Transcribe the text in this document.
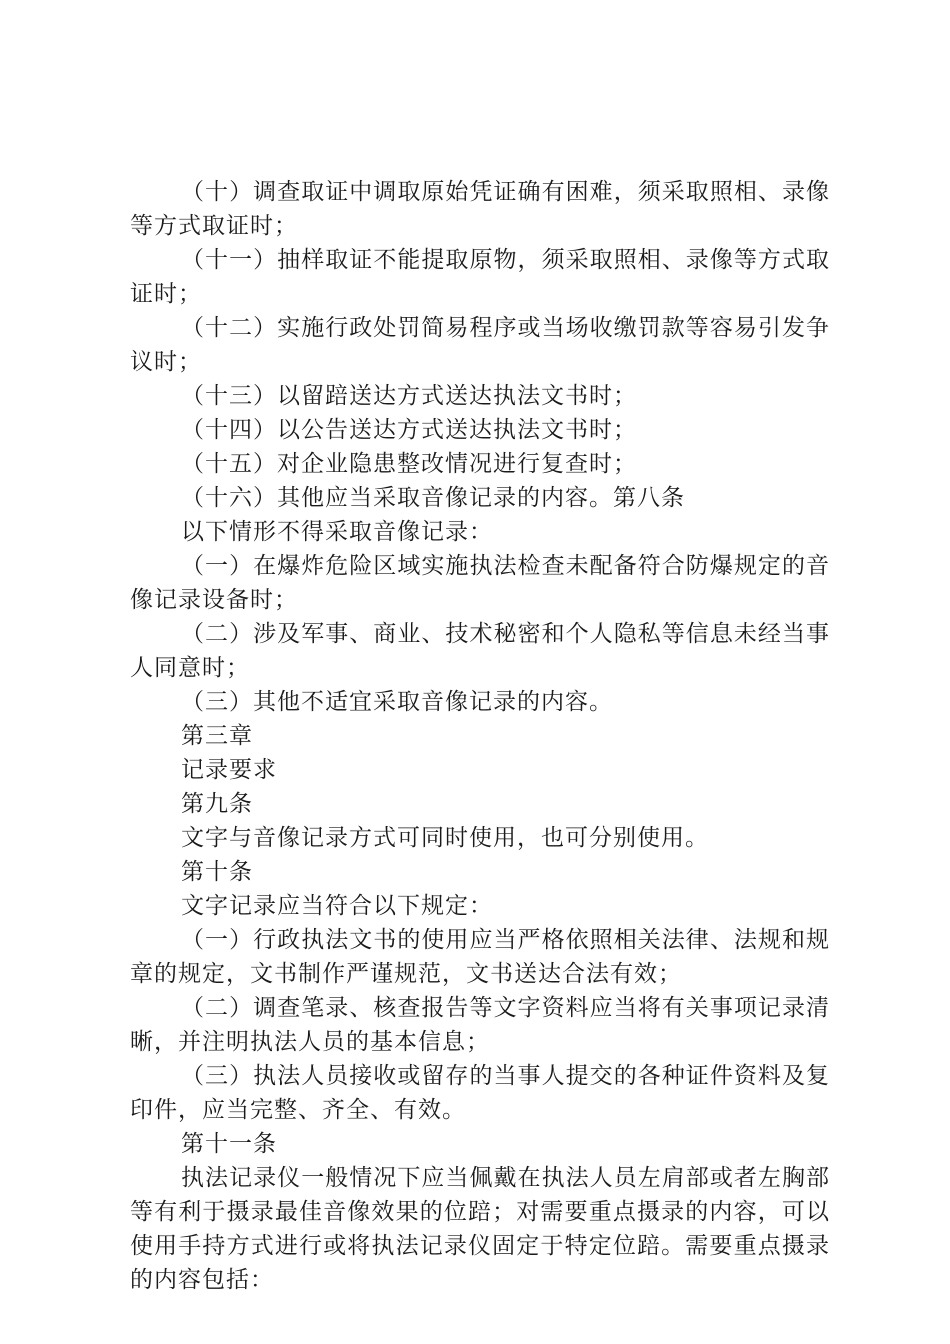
（十）调查取证中调取原始凭证确有困难，须采取照相、录像等方式取证时；

（十一）抽样取证不能提取原物，须采取照相、录像等方式取证时；

（十二）实施行政处罚简易程序或当场收缴罚款等容易引发争议时；

（十三）以留踣送达方式送达执法文书时；

（十四）以公告送达方式送达执法文书时；

（十五）对企业隐患整改情况进行复查时；

（十六）其他应当采取音像记录的内容。第八条

以下情形不得采取音像记录：

（一）在爆炸危险区域实施执法检查未配备符合防爆规定的音像记录设备时；

（二）涉及军事、商业、技术秘密和个人隐私等信息未经当事人同意时；

（三）其他不适宜采取音像记录的内容。

第三章

记录要求

第九条

文字与音像记录方式可同时使用，也可分别使用。

第十条

文字记录应当符合以下规定：

（一）行政执法文书的使用应当严格依照相关法律、法规和规章的规定，文书制作严谨规范，文书送达合法有效；

（二）调查笔录、核查报告等文字资料应当将有关事项记录清晰，并注明执法人员的基本信息；

（三）执法人员接收或留存的当事人提交的各种证件资料及复印件，应当完整、齐全、有效。

第十一条

执法记录仪一般情况下应当佩戴在执法人员左肩部或者左胸部等有利于摄录最佳音像效果的位踣；对需要重点摄录的内容，可以使用手持方式进行或将执法记录仪固定于特定位踣。需要重点摄录的内容包括：
